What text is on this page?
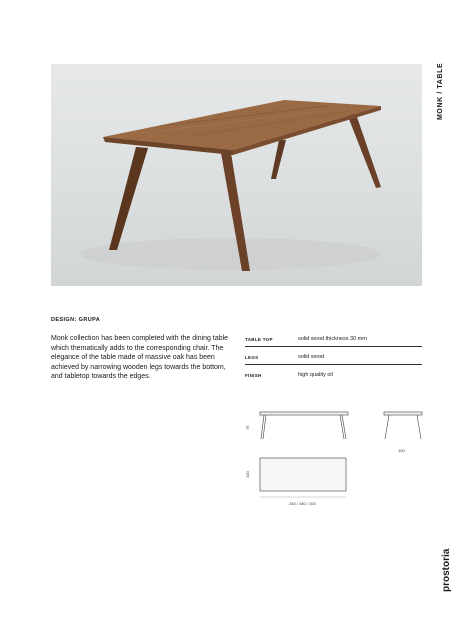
MONK / TABLE
DESIGN: GRUPA
Monk collection has been completed with the dining table which thematically adds to the corresponding chair. The elegance of the table made of massive oak has been achieved by narrowing wooden legs towards the bottom, and tabletop towards the edges.
TABLE TOP	solid wood thickness 30 mm
LEGS	solid wood
FINISH	high quality oil
75
100
100
240 / 180 / 100
prostoria
